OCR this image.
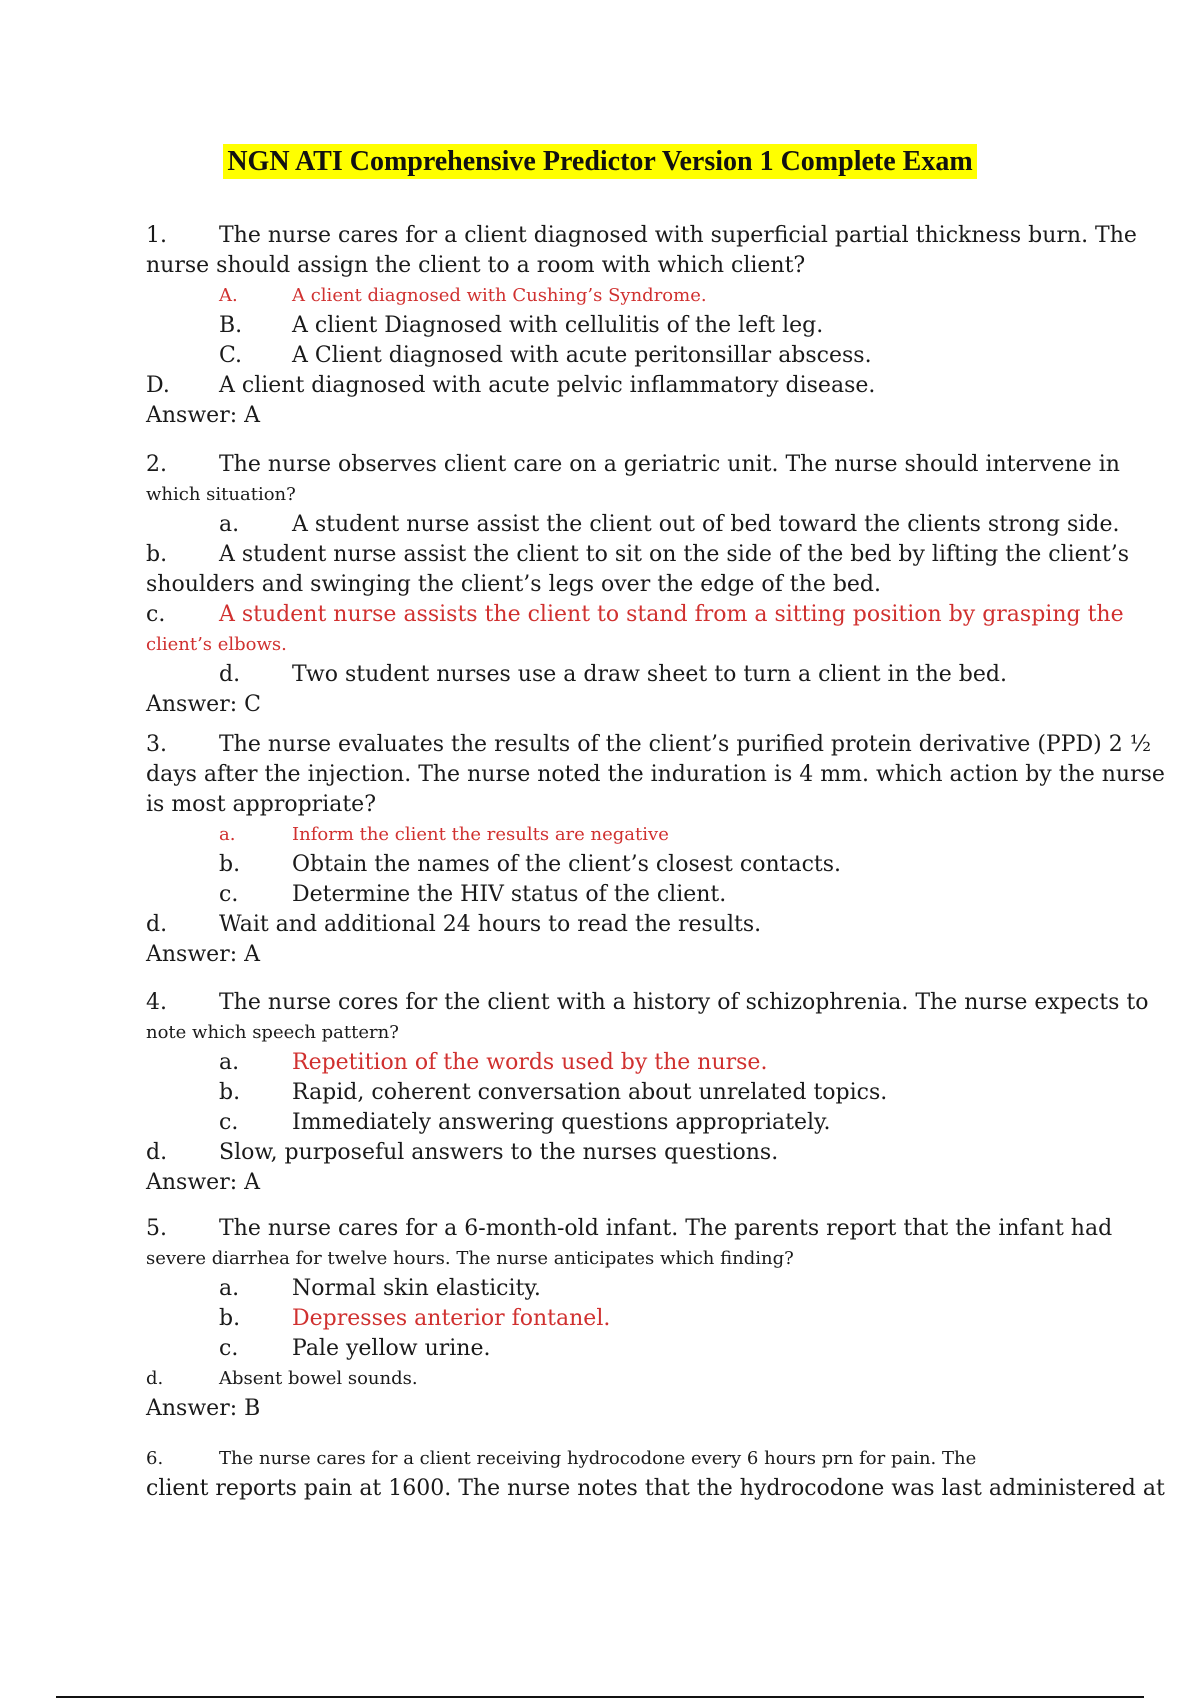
NGN ATI Comprehensive Predictor Version 1 Complete Exam
1. The nurse cares for a client diagnosed with superficial partial thickness burn. The
nurse should assign the client to a room with which client?
A.	A client diagnosed with Cushing’s Syndrome.
B. A client Diagnosed with cellulitis of the left leg.
C. A Client diagnosed with acute peritonsillar abscess.
D. A client diagnosed with acute pelvic inflammatory disease.
Answer: A
2. The nurse observes client care on a geriatric unit. The nurse should intervene in
which situation?
a. A student nurse assist the client out of bed toward the clients strong side.
b. A student nurse assist the client to sit on the side of the bed by lifting the client’s
shoulders and swinging the client’s legs over the edge of the bed.
c. A student nurse assists the client to stand from a sitting position by grasping the
client’s elbows.
d. Two student nurses use a draw sheet to turn a client in the bed.
Answer: C
3. The nurse evaluates the results of the client’s purified protein derivative (PPD) 2 ½
days after the injection. The nurse noted the induration is 4 mm. which action by the nurse
is most appropriate?
a.	Inform the client the results are negative
b. Obtain the names of the client’s closest contacts.
c. Determine the HIV status of the client.
d. Wait and additional 24 hours to read the results.
Answer: A
4. The nurse cores for the client with a history of schizophrenia. The nurse expects to
note which speech pattern?
a. Repetition of the words used by the nurse.
b. Rapid, coherent conversation about unrelated topics.
c. Immediately answering questions appropriately.
d. Slow, purposeful answers to the nurses questions.
Answer: A
5. The nurse cares for a 6-month-old infant. The parents report that the infant had
severe diarrhea for twelve hours. The nurse anticipates which finding?
a. Normal skin elasticity.
b. Depresses anterior fontanel.
c. Pale yellow urine.
d.	Absent bowel sounds.
Answer: B
6.	The nurse cares for a client receiving hydrocodone every 6 hours prn for pain. The
client reports pain at 1600. The nurse notes that the hydrocodone was last administered at
